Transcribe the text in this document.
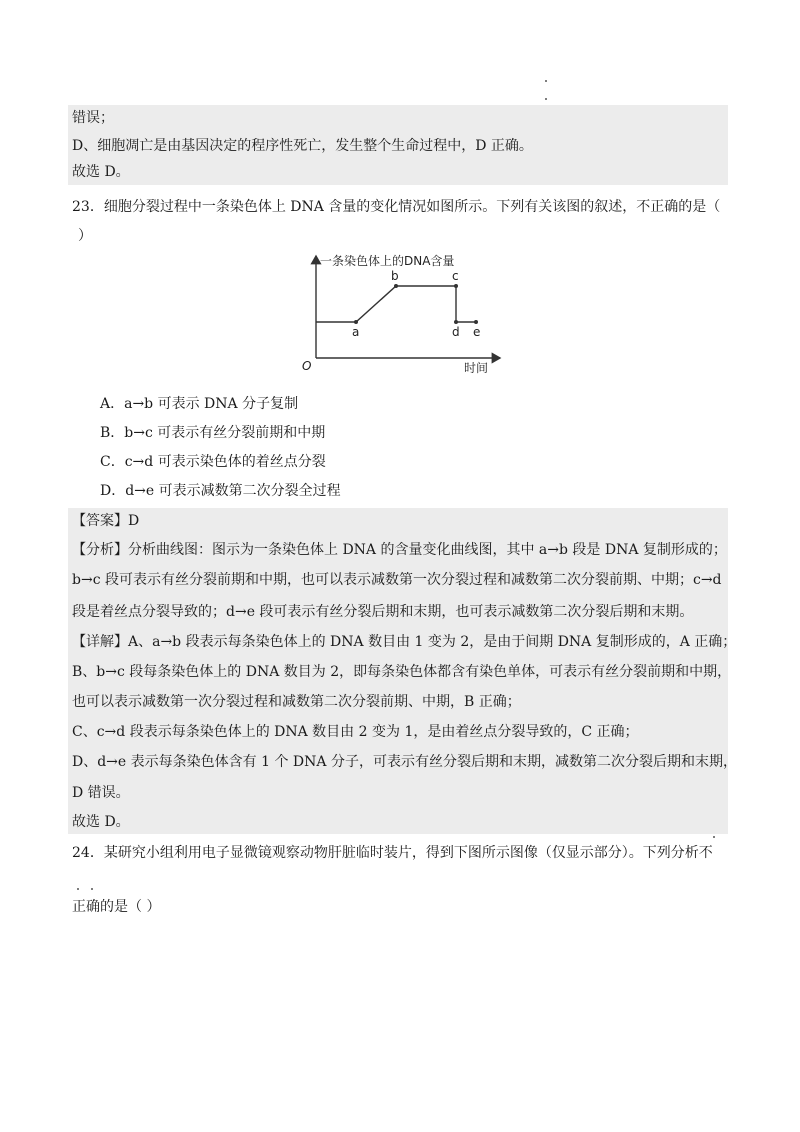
错误；
D、细胞凋亡是由基因决定的程序性死亡，发生整个生命过程中，D 正确。
故选 D。
23．细胞分裂过程中一条染色体上 DNA 含量的变化情况如图所示。下列有关该图的叙述，不正确的是（
）
一条染色体上的DNA含量
时间
O
a
b	c
d e
A．a→b 可表示 DNA 分子复制
B．b→c 可表示有丝分裂前期和中期
C．c→d 可表示染色体的着丝点分裂
D．d→e 可表示减数第二次分裂全过程
【答案】D
【分析】分析曲线图：图示为一条染色体上 DNA 的含量变化曲线图，其中 a→b 段是 DNA 复制形成的；
b→c 段可表示有丝分裂前期和中期，也可以表示减数第一次分裂过程和减数第二次分裂前期、中期；c→d
段是着丝点分裂导致的；d→e 段可表示有丝分裂后期和末期，也可表示减数第二次分裂后期和末期。
【详解】A、a→b 段表示每条染色体上的 DNA 数目由 1 变为 2，是由于间期 DNA 复制形成的，A 正确；
B、b→c 段每条染色体上的 DNA 数目为 2，即每条染色体都含有染色单体，可表示有丝分裂前期和中期，
也可以表示减数第一次分裂过程和减数第二次分裂前期、中期，B 正确；
C、c→d 段表示每条染色体上的 DNA 数目由 2 变为 1，是由着丝点分裂导致的，C 正确；
D、d→e 表示每条染色体含有 1 个 DNA 分子，可表示有丝分裂后期和末期，减数第二次分裂后期和末期，
D 错误。
故选 D。
24．某研究小组利用电子显微镜观察动物肝脏临时装片，得到下图所示图像（仅显示部分）。下列分析不
正确的是（ ）
